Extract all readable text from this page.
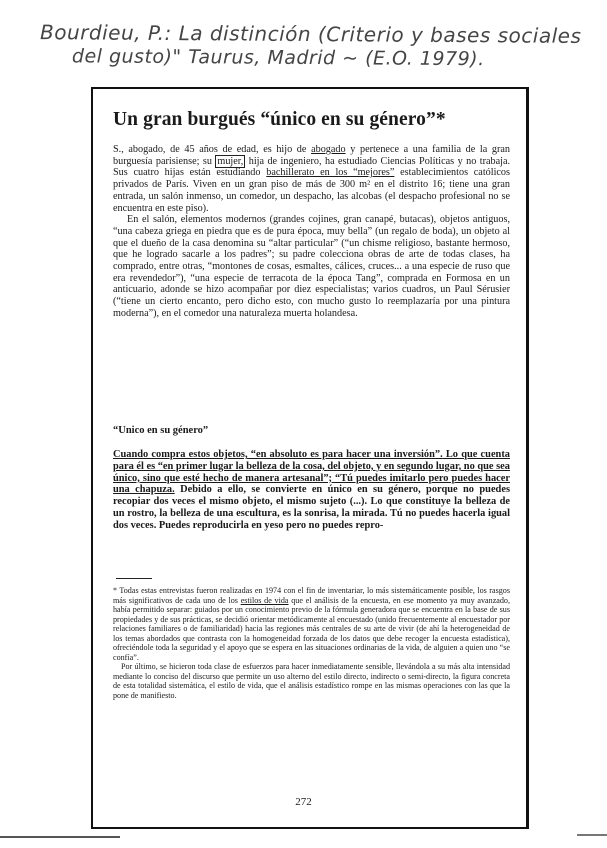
Bourdieu, P.: La distinción (Criterio y bases sociales
del gusto)" Taurus, Madrid ~ (E.O. 1979).
Un gran burgués “único en su género”*

S., abogado, de 45 años de edad, es hijo de abogado y pertenece a una familia de la gran burguesía parisiense; su mujer, hija de ingeniero, ha estudiado Ciencias Políticas y no trabaja. Sus cuatro hijas están estudiando bachillerato en los “mejores” establecimientos católicos privados de París. Viven en un gran piso de más de 300 m² en el distrito 16; tiene una gran entrada, un salón inmenso, un comedor, un despacho, las alcobas (el despacho profesional no se encuentra en este piso).

En el salón, elementos modernos (grandes cojines, gran canapé, butacas), objetos antiguos, “una cabeza griega en piedra que es de pura época, muy bella” (un regalo de boda), un objeto al que el dueño de la casa denomina su “altar particular” (“un chisme religioso, bastante hermoso, que he logrado sacarle a los padres”; su padre colecciona obras de arte de todas clases, ha comprado, entre otras, “montones de cosas, esmaltes, cálices, cruces... a una especie de ruso que era revendedor”), “una especie de terracota de la época Tang”, comprada en Formosa en un anticuario, adonde se hizo acompañar por diez especialistas; varios cuadros, un Paul Sérusier (“tiene un cierto encanto, pero dicho esto, con mucho gusto lo reemplazaría por una pintura moderna”), en el comedor una naturaleza muerta holandesa.

“Unico en su género”

Cuando compra estos objetos, “en absoluto es para hacer una inversión”. Lo que cuenta para él es “en primer lugar la belleza de la cosa, del objeto, y en segundo lugar, no que sea único, sino que esté hecho de manera artesanal”; “Tú puedes imitarlo pero puedes hacer una chapuza. Debido a ello, se convierte en único en su género, porque no puedes recopiar dos veces el mismo objeto, el mismo sujeto (...). Lo que constituye la belleza de un rostro, la belleza de una escultura, es la sonrisa, la mirada. Tú no puedes hacerla igual dos veces. Puedes reproducirla en yeso pero no puedes repro-

* Todas estas entrevistas fueron realizadas en 1974 con el fin de inventariar, lo más sistemáticamente posible, los rasgos más significativos de cada uno de los estilos de vida que el análisis de la encuesta, en ese momento ya muy avanzado, había permitido separar: guiados por un conocimiento previo de la fórmula generadora que se encuentra en la base de sus propiedades y de sus prácticas, se decidió orientar metódicamente al encuestado (unido frecuentemente al encuestador por relaciones familiares o de familiaridad) hacia las regiones más centrales de su arte de vivir (de ahí la heterogeneidad de los temas abordados que contrasta con la homogeneidad forzada de los datos que debe recoger la encuesta estadística), ofreciéndole toda la seguridad y el apoyo que se espera en las situaciones ordinarias de la vida, de alguien a quien uno “se confía”.

Por último, se hicieron toda clase de esfuerzos para hacer inmediatamente sensible, llevándola a su más alta intensidad mediante lo conciso del discurso que permite un uso alterno del estilo directo, indirecto o semi-directo, la figura concreta de esta totalidad sistemática, el estilo de vida, que el análisis estadístico rompe en las mismas operaciones con las que la pone de manifiesto.

272
